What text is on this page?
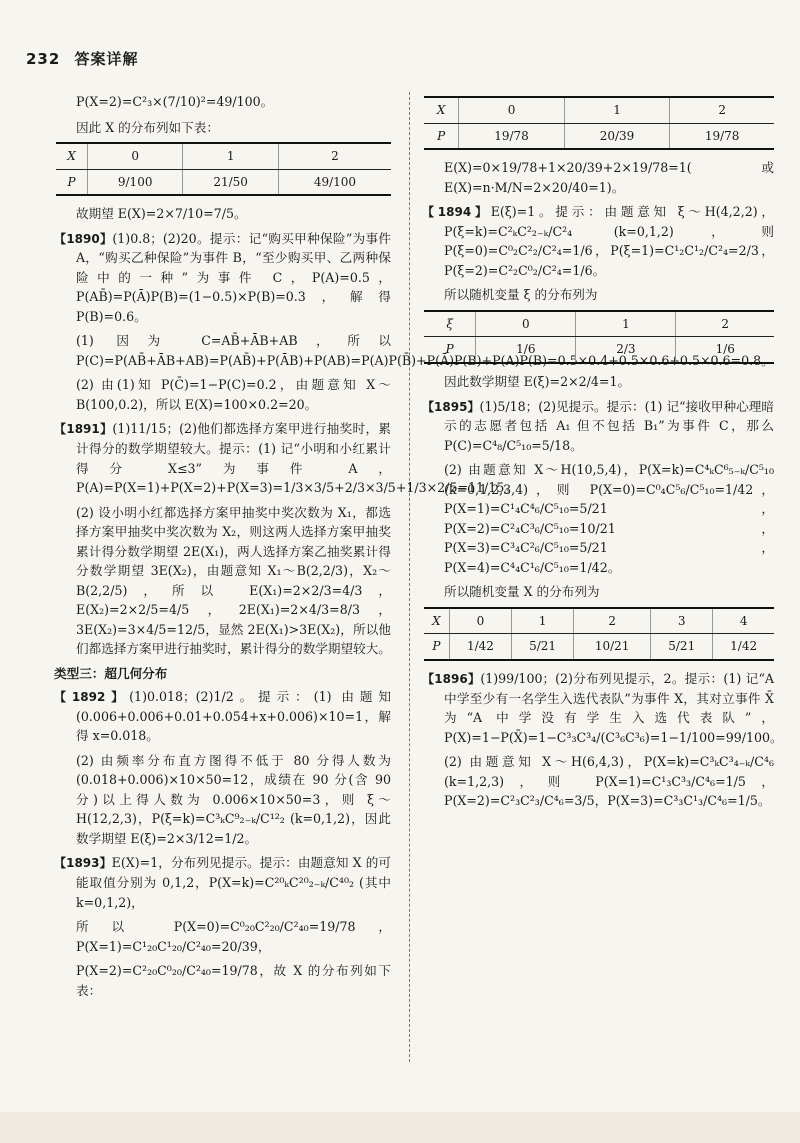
232 答案详解

P(X=2)=C²₃×(7/10)²=49/100。

因此 X 的分布列如下表：

X	0	1	2
P	9/100	21/50	49/100

故期望 E(X)=2×7/10=7/5。

【1890】(1)0.8；(2)20。提示：记“购买甲种保险”为事件 A，“购买乙种保险”为事件 B，“至少购买甲、乙两种保险中的一种”为事件 C，P(A)=0.5，P(AB̄)=P(Ā)P(B)=(1−0.5)×P(B)=0.3，解得 P(B)=0.6。

(1) 因为 C=AB̄+ĀB+AB，所以 P(C)=P(AB̄+ĀB+AB)=P(AB̄)+P(ĀB)+P(AB)=P(A)P(B̄)+P(Ā)P(B)+P(A)P(B)=0.5×0.4+0.5×0.6+0.5×0.6=0.8。

(2) 由(1)知 P(C̄)=1−P(C)=0.2，由题意知 X～B(100,0.2)，所以 E(X)=100×0.2=20。

【1891】(1)11/15；(2)他们都选择方案甲进行抽奖时，累计得分的数学期望较大。提示：(1) 记“小明和小红累计得分 X≤3”为事件 A，P(A)=P(X=1)+P(X=2)+P(X=3)=1/3×3/5+2/3×3/5+1/3×2/5=11/15。

(2) 设小明小红都选择方案甲抽奖中奖次数为 X₁，都选择方案甲抽奖中奖次数为 X₂，则这两人选择方案甲抽奖累计得分数学期望 2E(X₁)，两人选择方案乙抽奖累计得分数学期望 3E(X₂)，由题意知 X₁～B(2,2/3)，X₂～B(2,2/5)，所以 E(X₁)=2×2/3=4/3，E(X₂)=2×2/5=4/5，2E(X₁)=2×4/3=8/3，3E(X₂)=3×4/5=12/5，显然 2E(X₁)>3E(X₂)，所以他们都选择方案甲进行抽奖时，累计得分的数学期望较大。

类型三：超几何分布

【1892】(1)0.018；(2)1/2。提示：(1) 由题知 (0.006+0.006+0.01+0.054+x+0.006)×10=1，解得 x=0.018。

(2) 由频率分布直方图得不低于 80 分得人数为 (0.018+0.006)×10×50=12，成绩在 90 分(含 90 分)以上得人数为 0.006×10×50=3，则 ξ～H(12,2,3)，P(ξ=k)=C³ₖC⁹₂₋ₖ/C¹²₂ (k=0,1,2)，因此数学期望 E(ξ)=2×3/12=1/2。

【1893】E(X)=1，分布列见提示。提示：由题意知 X 的可能取值分别为 0,1,2，P(X=k)=C²⁰ₖC²⁰₂₋ₖ/C⁴⁰₂ (其中 k=0,1,2)，

所以 P(X=0)=C⁰₂₀C²₂₀/C²₄₀=19/78，P(X=1)=C¹₂₀C¹₂₀/C²₄₀=20/39，

P(X=2)=C²₂₀C⁰₂₀/C²₄₀=19/78，故 X 的分布列如下表：

X	0	1	2
P	19/78	20/39	19/78

E(X)=0×19/78+1×20/39+2×19/78=1(或 E(X)=n·M/N=2×20/40=1)。

【1894】E(ξ)=1。提示：由题意知 ξ～H(4,2,2)，P(ξ=k)=C²ₖC²₂₋ₖ/C²₄ (k=0,1,2)，则 P(ξ=0)=C⁰₂C²₂/C²₄=1/6，P(ξ=1)=C¹₂C¹₂/C²₄=2/3，P(ξ=2)=C²₂C⁰₂/C²₄=1/6。

所以随机变量 ξ 的分布列为

ξ	0	1	2
P	1/6	2/3	1/6

因此数学期望 E(ξ)=2×2/4=1。

【1895】(1)5/18；(2)见提示。提示：(1) 记“接收甲种心理暗示的志愿者包括 A₁ 但不包括 B₁”为事件 C，那么 P(C)=C⁴₈/C⁵₁₀=5/18。

(2) 由题意知 X～H(10,5,4)，P(X=k)=C⁴ₖC⁶₅₋ₖ/C⁵₁₀ (k=0,1,2,3,4)，则 P(X=0)=C⁰₄C⁵₆/C⁵₁₀=1/42，P(X=1)=C¹₄C⁴₆/C⁵₁₀=5/21，P(X=2)=C²₄C³₆/C⁵₁₀=10/21，P(X=3)=C³₄C²₆/C⁵₁₀=5/21，P(X=4)=C⁴₄C¹₆/C⁵₁₀=1/42。

所以随机变量 X 的分布列为

X	0	1	2	3	4
P	1/42	5/21	10/21	5/21	1/42

【1896】(1)99/100；(2)分布列见提示，2。提示：(1) 记“A 中学至少有一名学生入选代表队”为事件 X，其对立事件 X̄ 为“A 中学没有学生入选代表队”，P(X)=1−P(X̄)=1−C³₃C³₄/(C³₆C³₆)=1−1/100=99/100。

(2) 由题意知 X～H(6,4,3)，P(X=k)=C³ₖC³₄₋ₖ/C⁴₆ (k=1,2,3)，则 P(X=1)=C¹₃C³₃/C⁴₆=1/5，P(X=2)=C²₃C²₃/C⁴₆=3/5，P(X=3)=C³₃C¹₃/C⁴₆=1/5。
